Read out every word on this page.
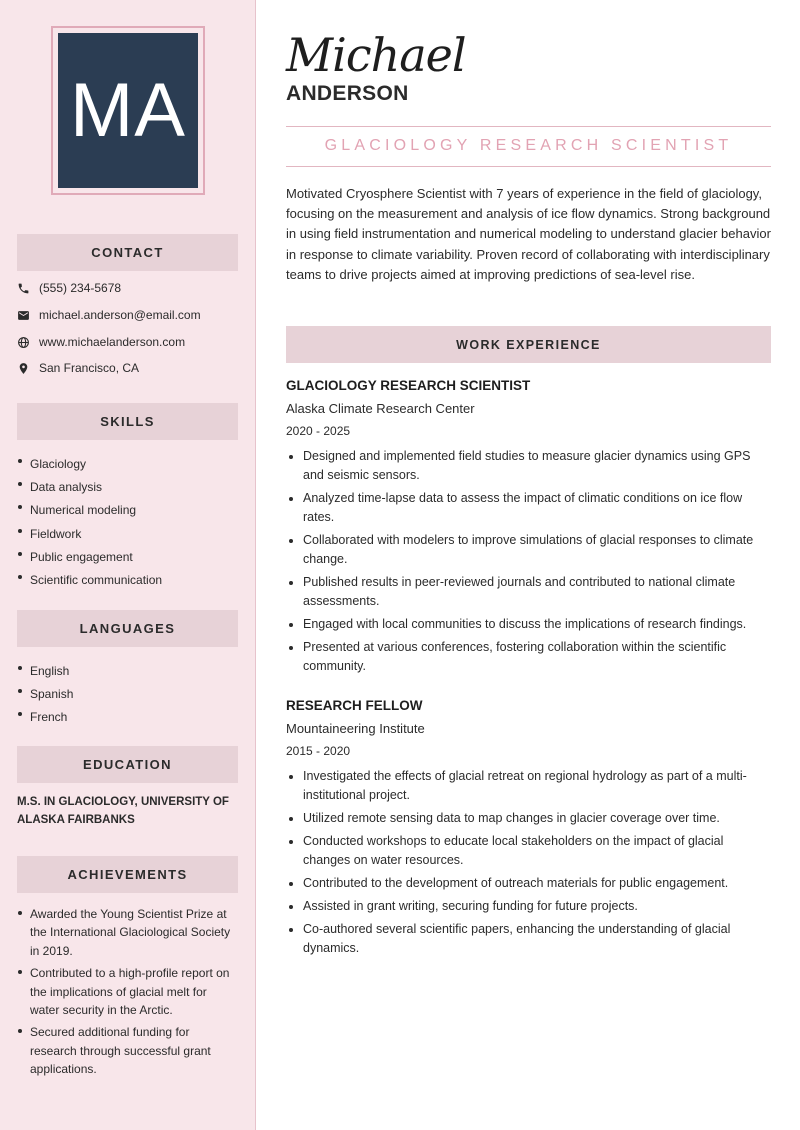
MA
CONTACT
(555) 234-5678
michael.anderson@email.com
www.michaelanderson.com
San Francisco, CA
SKILLS
Glaciology
Data analysis
Numerical modeling
Fieldwork
Public engagement
Scientific communication
LANGUAGES
English
Spanish
French
EDUCATION
M.S. IN GLACIOLOGY, UNIVERSITY OF ALASKA FAIRBANKS
ACHIEVEMENTS
Awarded the Young Scientist Prize at the International Glaciological Society in 2019.
Contributed to a high-profile report on the implications of glacial melt for water security in the Arctic.
Secured additional funding for research through successful grant applications.
Michael
ANDERSON
GLACIOLOGY RESEARCH SCIENTIST

Motivated Cryosphere Scientist with 7 years of experience in the field of glaciology, focusing on the measurement and analysis of ice flow dynamics. Strong background in using field instrumentation and numerical modeling to understand glacier behavior in response to climate variability. Proven record of collaborating with interdisciplinary teams to drive projects aimed at improving predictions of sea-level rise.

WORK EXPERIENCE
GLACIOLOGY RESEARCH SCIENTIST
Alaska Climate Research Center
2020 - 2025
Designed and implemented field studies to measure glacier dynamics using GPS and seismic sensors.
Analyzed time-lapse data to assess the impact of climatic conditions on ice flow rates.
Collaborated with modelers to improve simulations of glacial responses to climate change.
Published results in peer-reviewed journals and contributed to national climate assessments.
Engaged with local communities to discuss the implications of research findings.
Presented at various conferences, fostering collaboration within the scientific community.
RESEARCH FELLOW
Mountaineering Institute
2015 - 2020
Investigated the effects of glacial retreat on regional hydrology as part of a multi-institutional project.
Utilized remote sensing data to map changes in glacier coverage over time.
Conducted workshops to educate local stakeholders on the impact of glacial changes on water resources.
Contributed to the development of outreach materials for public engagement.
Assisted in grant writing, securing funding for future projects.
Co-authored several scientific papers, enhancing the understanding of glacial dynamics.
